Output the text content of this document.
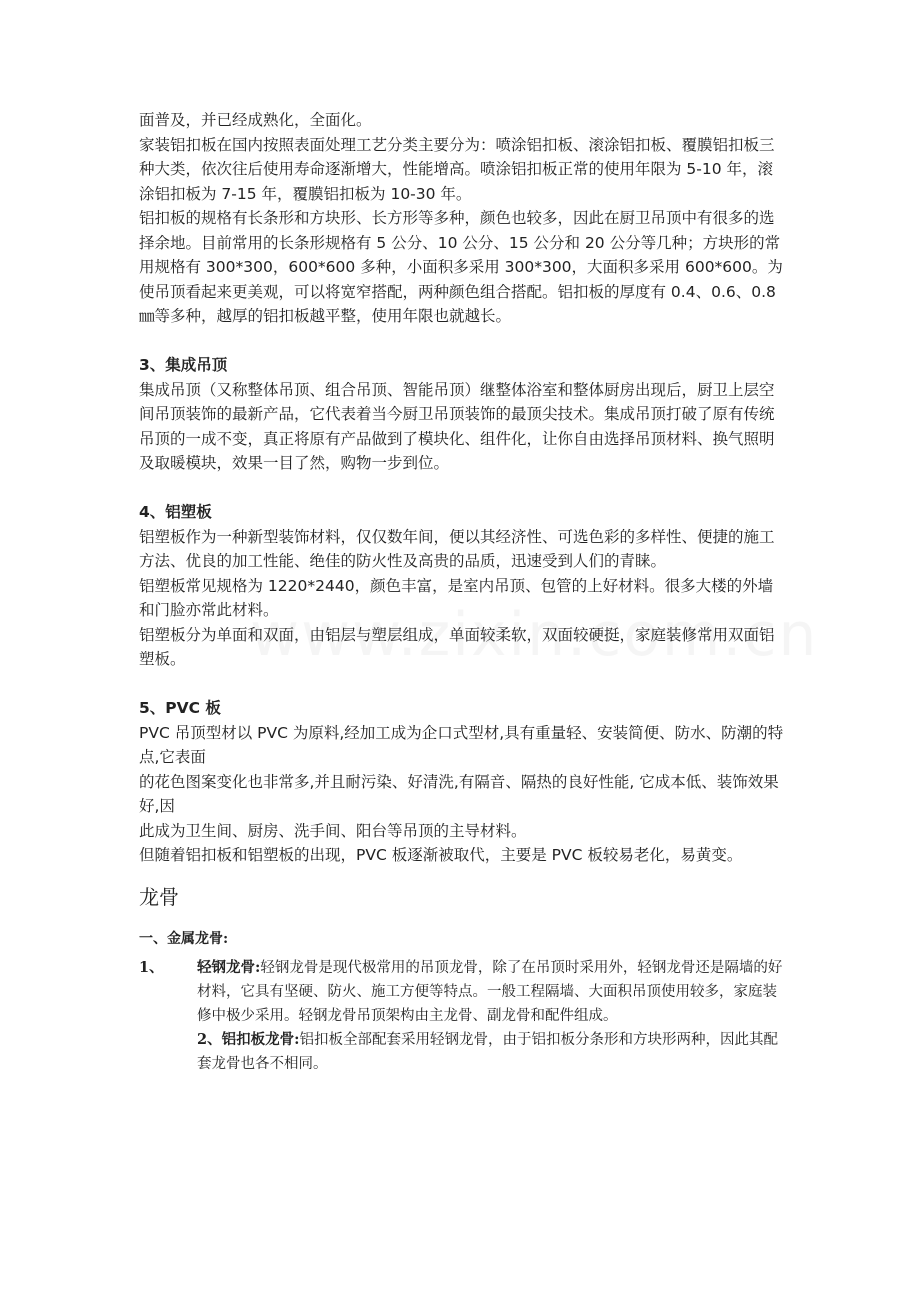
面普及，并已经成熟化，全面化。

家装铝扣板在国内按照表面处理工艺分类主要分为：喷涂铝扣板、滚涂铝扣板、覆膜铝扣板三种大类，依次往后使用寿命逐渐增大，性能增高。喷涂铝扣板正常的使用年限为 5-10 年，滚涂铝扣板为 7-15 年，覆膜铝扣板为 10-30 年。

铝扣板的规格有长条形和方块形、长方形等多种，颜色也较多，因此在厨卫吊顶中有很多的选择余地。目前常用的长条形规格有 5 公分、10 公分、15 公分和 20 公分等几种；方块形的常用规格有 300*300，600*600 多种，小面积多采用 300*300，大面积多采用 600*600。为使吊顶看起来更美观，可以将宽窄搭配，两种颜色组合搭配。铝扣板的厚度有 0.4、0.6、0.8㎜等多种，越厚的铝扣板越平整，使用年限也就越长。

3、集成吊顶

集成吊顶（又称整体吊顶、组合吊顶、智能吊顶）继整体浴室和整体厨房出现后，厨卫上层空间吊顶装饰的最新产品，它代表着当今厨卫吊顶装饰的最顶尖技术。集成吊顶打破了原有传统吊顶的一成不变，真正将原有产品做到了模块化、组件化，让你自由选择吊顶材料、换气照明及取暖模块，效果一目了然，购物一步到位。

4、铝塑板

铝塑板作为一种新型装饰材料，仅仅数年间，便以其经济性、可选色彩的多样性、便捷的施工方法、优良的加工性能、绝佳的防火性及高贵的品质，迅速受到人们的青睐。

铝塑板常见规格为 1220*2440，颜色丰富，是室内吊顶、包管的上好材料。很多大楼的外墙和门脸亦常此材料。

铝塑板分为单面和双面，由铝层与塑层组成，单面较柔软，双面较硬挺，家庭装修常用双面铝塑板。

5、PVC 板

PVC 吊顶型材以 PVC 为原料,经加工成为企口式型材,具有重量轻、安装简便、防水、防潮的特点,它表面

的花色图案变化也非常多,并且耐污染、好清洗,有隔音、隔热的良好性能, 它成本低、装饰效果好,因

此成为卫生间、厨房、洗手间、阳台等吊顶的主导材料。

但随着铝扣板和铝塑板的出现，PVC 板逐渐被取代，主要是 PVC 板较易老化，易黄变。

龙骨
一、金属龙骨:
1、	轻钢龙骨:轻钢龙骨是现代极常用的吊顶龙骨，除了在吊顶时采用外，轻钢龙骨还是隔墙的好材料，它具有坚硬、防火、施工方便等特点。一般工程隔墙、大面积吊顶使用较多，家庭装修中极少采用。轻钢龙骨吊顶架构由主龙骨、副龙骨和配件组成。
2、铝扣板龙骨:铝扣板全部配套采用轻钢龙骨，由于铝扣板分条形和方块形两种，因此其配套龙骨也各不相同。
